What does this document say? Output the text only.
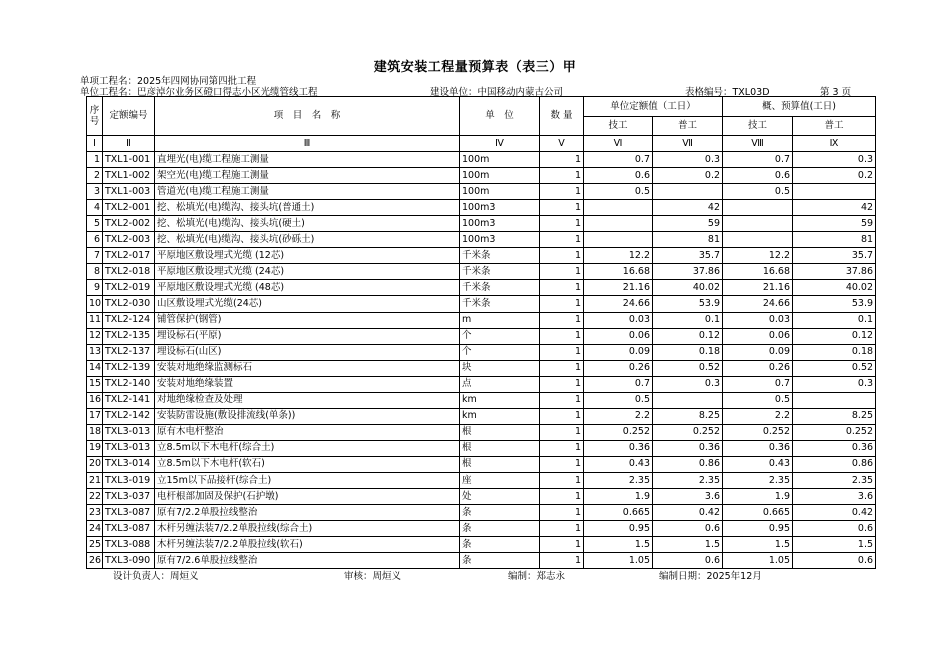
建筑安装工程量预算表（表三）甲
单项工程名：2025年四网协同第四批工程
单位工程名：巴彦淖尔业务区磴口得志小区光缆管线工程	建设单位：中国移动内蒙古公司	表格编号：TXL03D	第 3 页
序号	定额编号	项　目　名　称	单　位	数 量	单位定额值（工日）		概、预算值(工日)	
					技工	普工	技工	普工
Ⅰ	Ⅱ	Ⅲ	Ⅳ	Ⅴ	Ⅵ	Ⅶ	Ⅷ	Ⅸ
1	TXL1-001	直埋光(电)缆工程施工测量	100m	1	0.7	0.3	0.7	0.3
2	TXL1-002	架空光(电)缆工程施工测量	100m	1	0.6	0.2	0.6	0.2
3	TXL1-003	管道光(电)缆工程施工测量	100m	1	0.5		0.5	
4	TXL2-001	挖、松填光(电)缆沟、接头坑(普通土)	100m3	1		42		42
5	TXL2-002	挖、松填光(电)缆沟、接头坑(硬土)	100m3	1		59		59
6	TXL2-003	挖、松填光(电)缆沟、接头坑(砂砾土)	100m3	1		81		81
7	TXL2-017	平原地区敷设埋式光缆 (12芯)	千米条	1	12.2	35.7	12.2	35.7
8	TXL2-018	平原地区敷设埋式光缆 (24芯)	千米条	1	16.68	37.86	16.68	37.86
9	TXL2-019	平原地区敷设埋式光缆 (48芯)	千米条	1	21.16	40.02	21.16	40.02
10	TXL2-030	山区敷设埋式光缆(24芯)	千米条	1	24.66	53.9	24.66	53.9
11	TXL2-124	铺管保护(钢管)	m	1	0.03	0.1	0.03	0.1
12	TXL2-135	埋设标石(平原)	个	1	0.06	0.12	0.06	0.12
13	TXL2-137	埋设标石(山区)	个	1	0.09	0.18	0.09	0.18
14	TXL2-139	安装对地绝缘监测标石	块	1	0.26	0.52	0.26	0.52
15	TXL2-140	安装对地绝缘装置	点	1	0.7	0.3	0.7	0.3
16	TXL2-141	对地绝缘检查及处理	km	1	0.5		0.5	
17	TXL2-142	安装防雷设施(敷设排流线(单条))	km	1	2.2	8.25	2.2	8.25
18	TXL3-013	原有木电杆整治	根	1	0.252	0.252	0.252	0.252
19	TXL3-013	立8.5m以下木电杆(综合土)	根	1	0.36	0.36	0.36	0.36
20	TXL3-014	立8.5m以下木电杆(软石)	根	1	0.43	0.86	0.43	0.86
21	TXL3-019	立15m以下品接杆(综合土)	座	1	2.35	2.35	2.35	2.35
22	TXL3-037	电杆根部加固及保护(石护墩)	处	1	1.9	3.6	1.9	3.6
23	TXL3-087	原有7/2.2单股拉线整治	条	1	0.665	0.42	0.665	0.42
24	TXL3-087	木杆另缠法装7/2.2单股拉线(综合土)	条	1	0.95	0.6	0.95	0.6
25	TXL3-088	木杆另缠法装7/2.2单股拉线(软石)	条	1	1.5	1.5	1.5	1.5
26	TXL3-090	原有7/2.6单股拉线整治	条	1	1.05	0.6	1.05	0.6
设计负责人：周烜义	审核：周烜义	编制：郑志永	编制日期：2025年12月
